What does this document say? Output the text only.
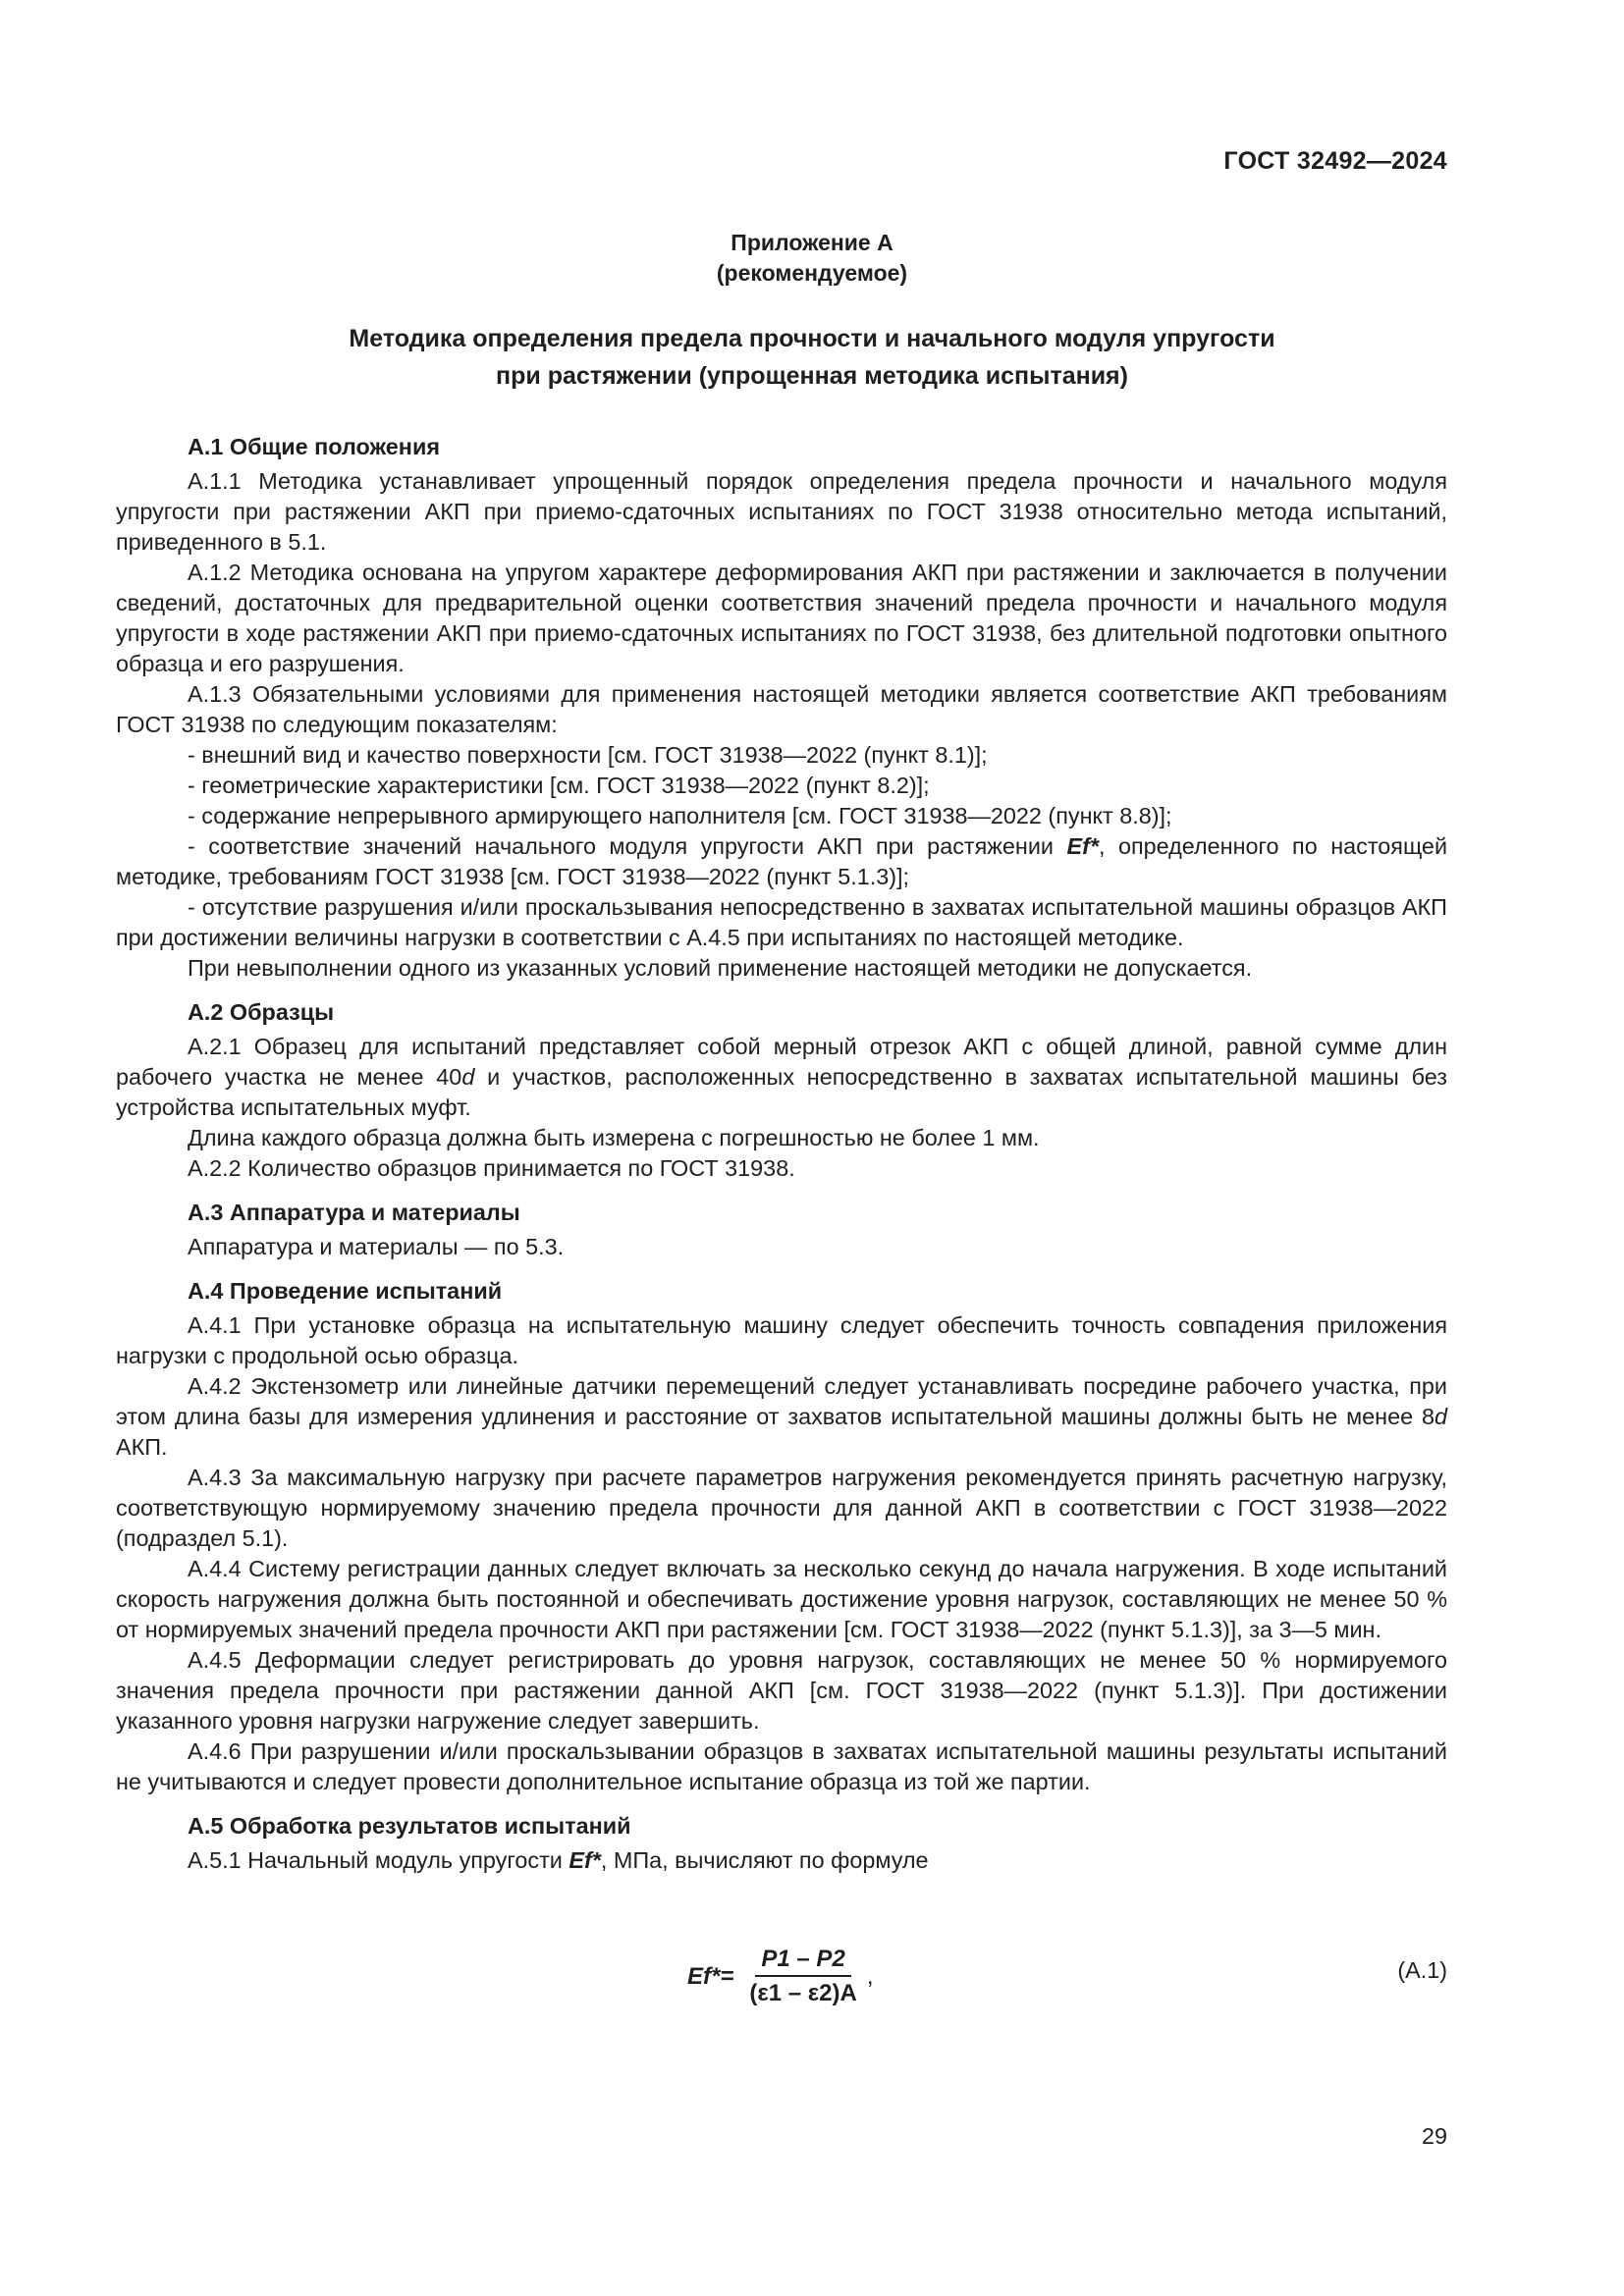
ГОСТ 32492—2024
Приложение А
(рекомендуемое)
Методика определения предела прочности и начального модуля упругости
при растяжении (упрощенная методика испытания)
А.1 Общие положения

А.1.1 Методика устанавливает упрощенный порядок определения предела прочности и начального модуля упругости при растяжении АКП при приемо-сдаточных испытаниях по ГОСТ 31938 относительно метода испытаний, приведенного в 5.1.

А.1.2 Методика основана на упругом характере деформирования АКП при растяжении и заключается в получении сведений, достаточных для предварительной оценки соответствия значений предела прочности и начального модуля упругости в ходе растяжении АКП при приемо-сдаточных испытаниях по ГОСТ 31938, без длительной подготовки опытного образца и его разрушения.

А.1.3 Обязательными условиями для применения настоящей методики является соответствие АКП требованиям ГОСТ 31938 по следующим показателям:

- внешний вид и качество поверхности [см. ГОСТ 31938—2022 (пункт 8.1)];

- геометрические характеристики [см. ГОСТ 31938—2022 (пункт 8.2)];

- содержание непрерывного армирующего наполнителя [см. ГОСТ 31938—2022 (пункт 8.8)];

- соответствие значений начального модуля упругости АКП при растяжении Ef*, определенного по настоящей методике, требованиям ГОСТ 31938 [см. ГОСТ 31938—2022 (пункт 5.1.3)];

- отсутствие разрушения и/или проскальзывания непосредственно в захватах испытательной машины образцов АКП при достижении величины нагрузки в соответствии с А.4.5 при испытаниях по настоящей методике.

При невыполнении одного из указанных условий применение настоящей методики не допускается.

А.2 Образцы

А.2.1 Образец для испытаний представляет собой мерный отрезок АКП с общей длиной, равной сумме длин рабочего участка не менее 40d и участков, расположенных непосредственно в захватах испытательной машины без устройства испытательных муфт.

Длина каждого образца должна быть измерена с погрешностью не более 1 мм.

А.2.2 Количество образцов принимается по ГОСТ 31938.

А.3 Аппаратура и материалы

Аппаратура и материалы — по 5.3.

А.4 Проведение испытаний

А.4.1 При установке образца на испытательную машину следует обеспечить точность совпадения приложения нагрузки с продольной осью образца.

А.4.2 Экстензометр или линейные датчики перемещений следует устанавливать посредине рабочего участка, при этом длина базы для измерения удлинения и расстояние от захватов испытательной машины должны быть не менее 8d АКП.

А.4.3 За максимальную нагрузку при расчете параметров нагружения рекомендуется принять расчетную нагрузку, соответствующую нормируемому значению предела прочности для данной АКП в соответствии с ГОСТ 31938—2022 (подраздел 5.1).

А.4.4 Систему регистрации данных следует включать за несколько секунд до начала нагружения. В ходе испытаний скорость нагружения должна быть постоянной и обеспечивать достижение уровня нагрузок, составляющих не менее 50 % от нормируемых значений предела прочности АКП при растяжении [см. ГОСТ 31938—2022 (пункт 5.1.3)], за 3—5 мин.

А.4.5 Деформации следует регистрировать до уровня нагрузок, составляющих не менее 50 % нормируемого значения предела прочности при растяжении данной АКП [см. ГОСТ 31938—2022 (пункт 5.1.3)]. При достижении указанного уровня нагрузки нагружение следует завершить.

А.4.6 При разрушении и/или проскальзывании образцов в захватах испытательной машины результаты испытаний не учитываются и следует провести дополнительное испытание образца из той же партии.

А.5 Обработка результатов испытаний

А.5.1 Начальный модуль упругости Ef*, МПа, вычисляют по формуле

$Ef*= \frac{P1 - P2}{(\varepsilon 1 - \varepsilon 2)A}$ ,	(А.1)
29
